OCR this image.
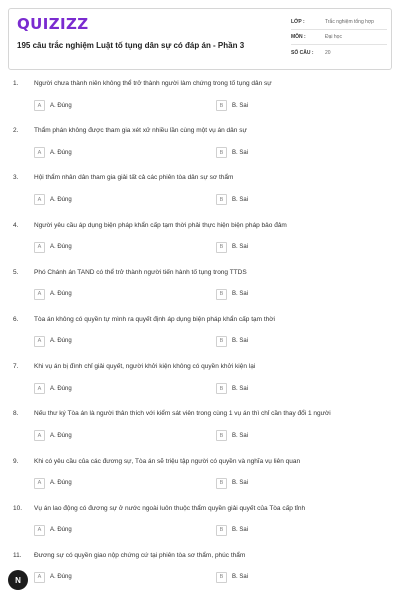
QUIZIZZ
195 câu trắc nghiệm Luật tố tụng dân sự có đáp án - Phần 3
LỚP :	Trắc nghiệm tổng hợp
MÔN :	Đại học
SỐ CÂU :	20
1. Người chưa thành niên không thể trở thành người làm chứng trong tố tụng dân sự
A	A. Đúng	B	B. Sai
2. Thẩm phán không được tham gia xét xử nhiều lần cùng một vụ án dân sự
A	A. Đúng	B	B. Sai
3. Hội thẩm nhân dân tham gia giải tất cả các phiên tòa dân sự sơ thẩm
A	A. Đúng	B	B. Sai
4. Người yêu cầu áp dụng biện pháp khẩn cấp tạm thời phải thực hiện biện pháp bảo đảm
A	A. Đúng	B	B. Sai
5. Phó Chánh án TAND có thể trở thành người tiến hành tố tụng trong TTDS
A	A. Đúng	B	B. Sai
6. Tòa án không có quyền tự mình ra quyết định áp dụng biện pháp khẩn cấp tạm thời
A	A. Đúng	B	B. Sai
7. Khi vụ án bị đình chỉ giải quyết, người khởi kiện không có quyền khởi kiện lại
A	A. Đúng	B	B. Sai
8. Nếu thư ký Tòa án là người thân thích với kiểm sát viên trong cùng 1 vụ án thì chỉ cần thay đổi 1 người
A	A. Đúng	B	B. Sai
9. Khi có yêu cầu của các đương sự, Tòa án sẽ triệu tập người có quyền và nghĩa vụ liên quan
A	A. Đúng	B	B. Sai
10. Vụ án lao động có đương sự ở nước ngoài luôn thuộc thẩm quyền giải quyết của Tòa cấp tỉnh
A	A. Đúng	B	B. Sai
11. Đương sự có quyền giao nộp chứng cứ tại phiên tòa sơ thẩm, phúc thẩm
A	A. Đúng	B	B. Sai
N
